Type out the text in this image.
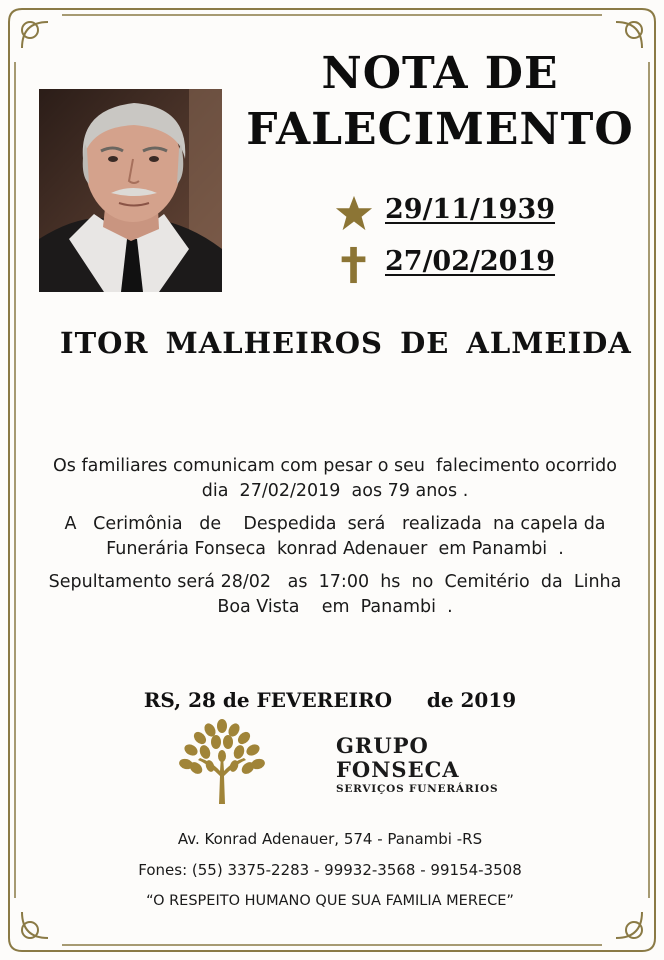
NOTA DE
FALECIMENTO
29/11/1939
27/02/2019
ITOR MALHEIROS DE ALMEIDA
Os familiares comunicam com pesar o seu  falecimento ocorrido
dia  27/02/2019  aos 79 anos .
A   Cerimônia   de    Despedida  será   realizada  na capela da
Funerária Fonseca  konrad Adenauer  em Panambi  .
Sepultamento será 28/02   as  17:00  hs  no  Cemitério  da  Linha
Boa Vista    em  Panambi  .
RS, 28 de FEVEREIRO     de 2019
GRUPO
FONSECA
SERVIÇOS FUNERÁRIOS
Av. Konrad Adenauer, 574 - Panambi -RS
Fones: (55) 3375-2283 - 99932-3568 - 99154-3508
“O RESPEITO HUMANO QUE SUA FAMILIA MERECE”
